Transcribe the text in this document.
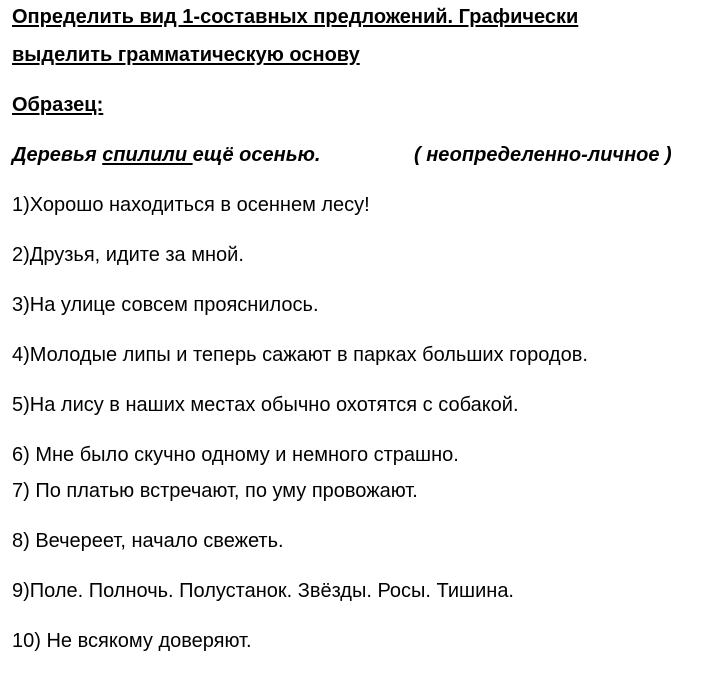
Определить вид 1-составных предложений. Графически
выделить грамматическую основу
Образец:
Деревья спилили ещё осенью.	( неопределенно-личное )
1)Хорошо находиться в осеннем лесу!
2)Друзья, идите за мной.
3)На улице совсем прояснилось.
4)Молодые липы и теперь сажают в парках больших городов.
5)На лису в наших местах обычно охотятся с собакой.
6) Мне было скучно одному и немного страшно.
7) По платью встречают, по уму провожают.
8) Вечереет, начало свежеть.
9)Поле. Полночь. Полустанок. Звёзды. Росы. Тишина.
10) Не всякому доверяют.
